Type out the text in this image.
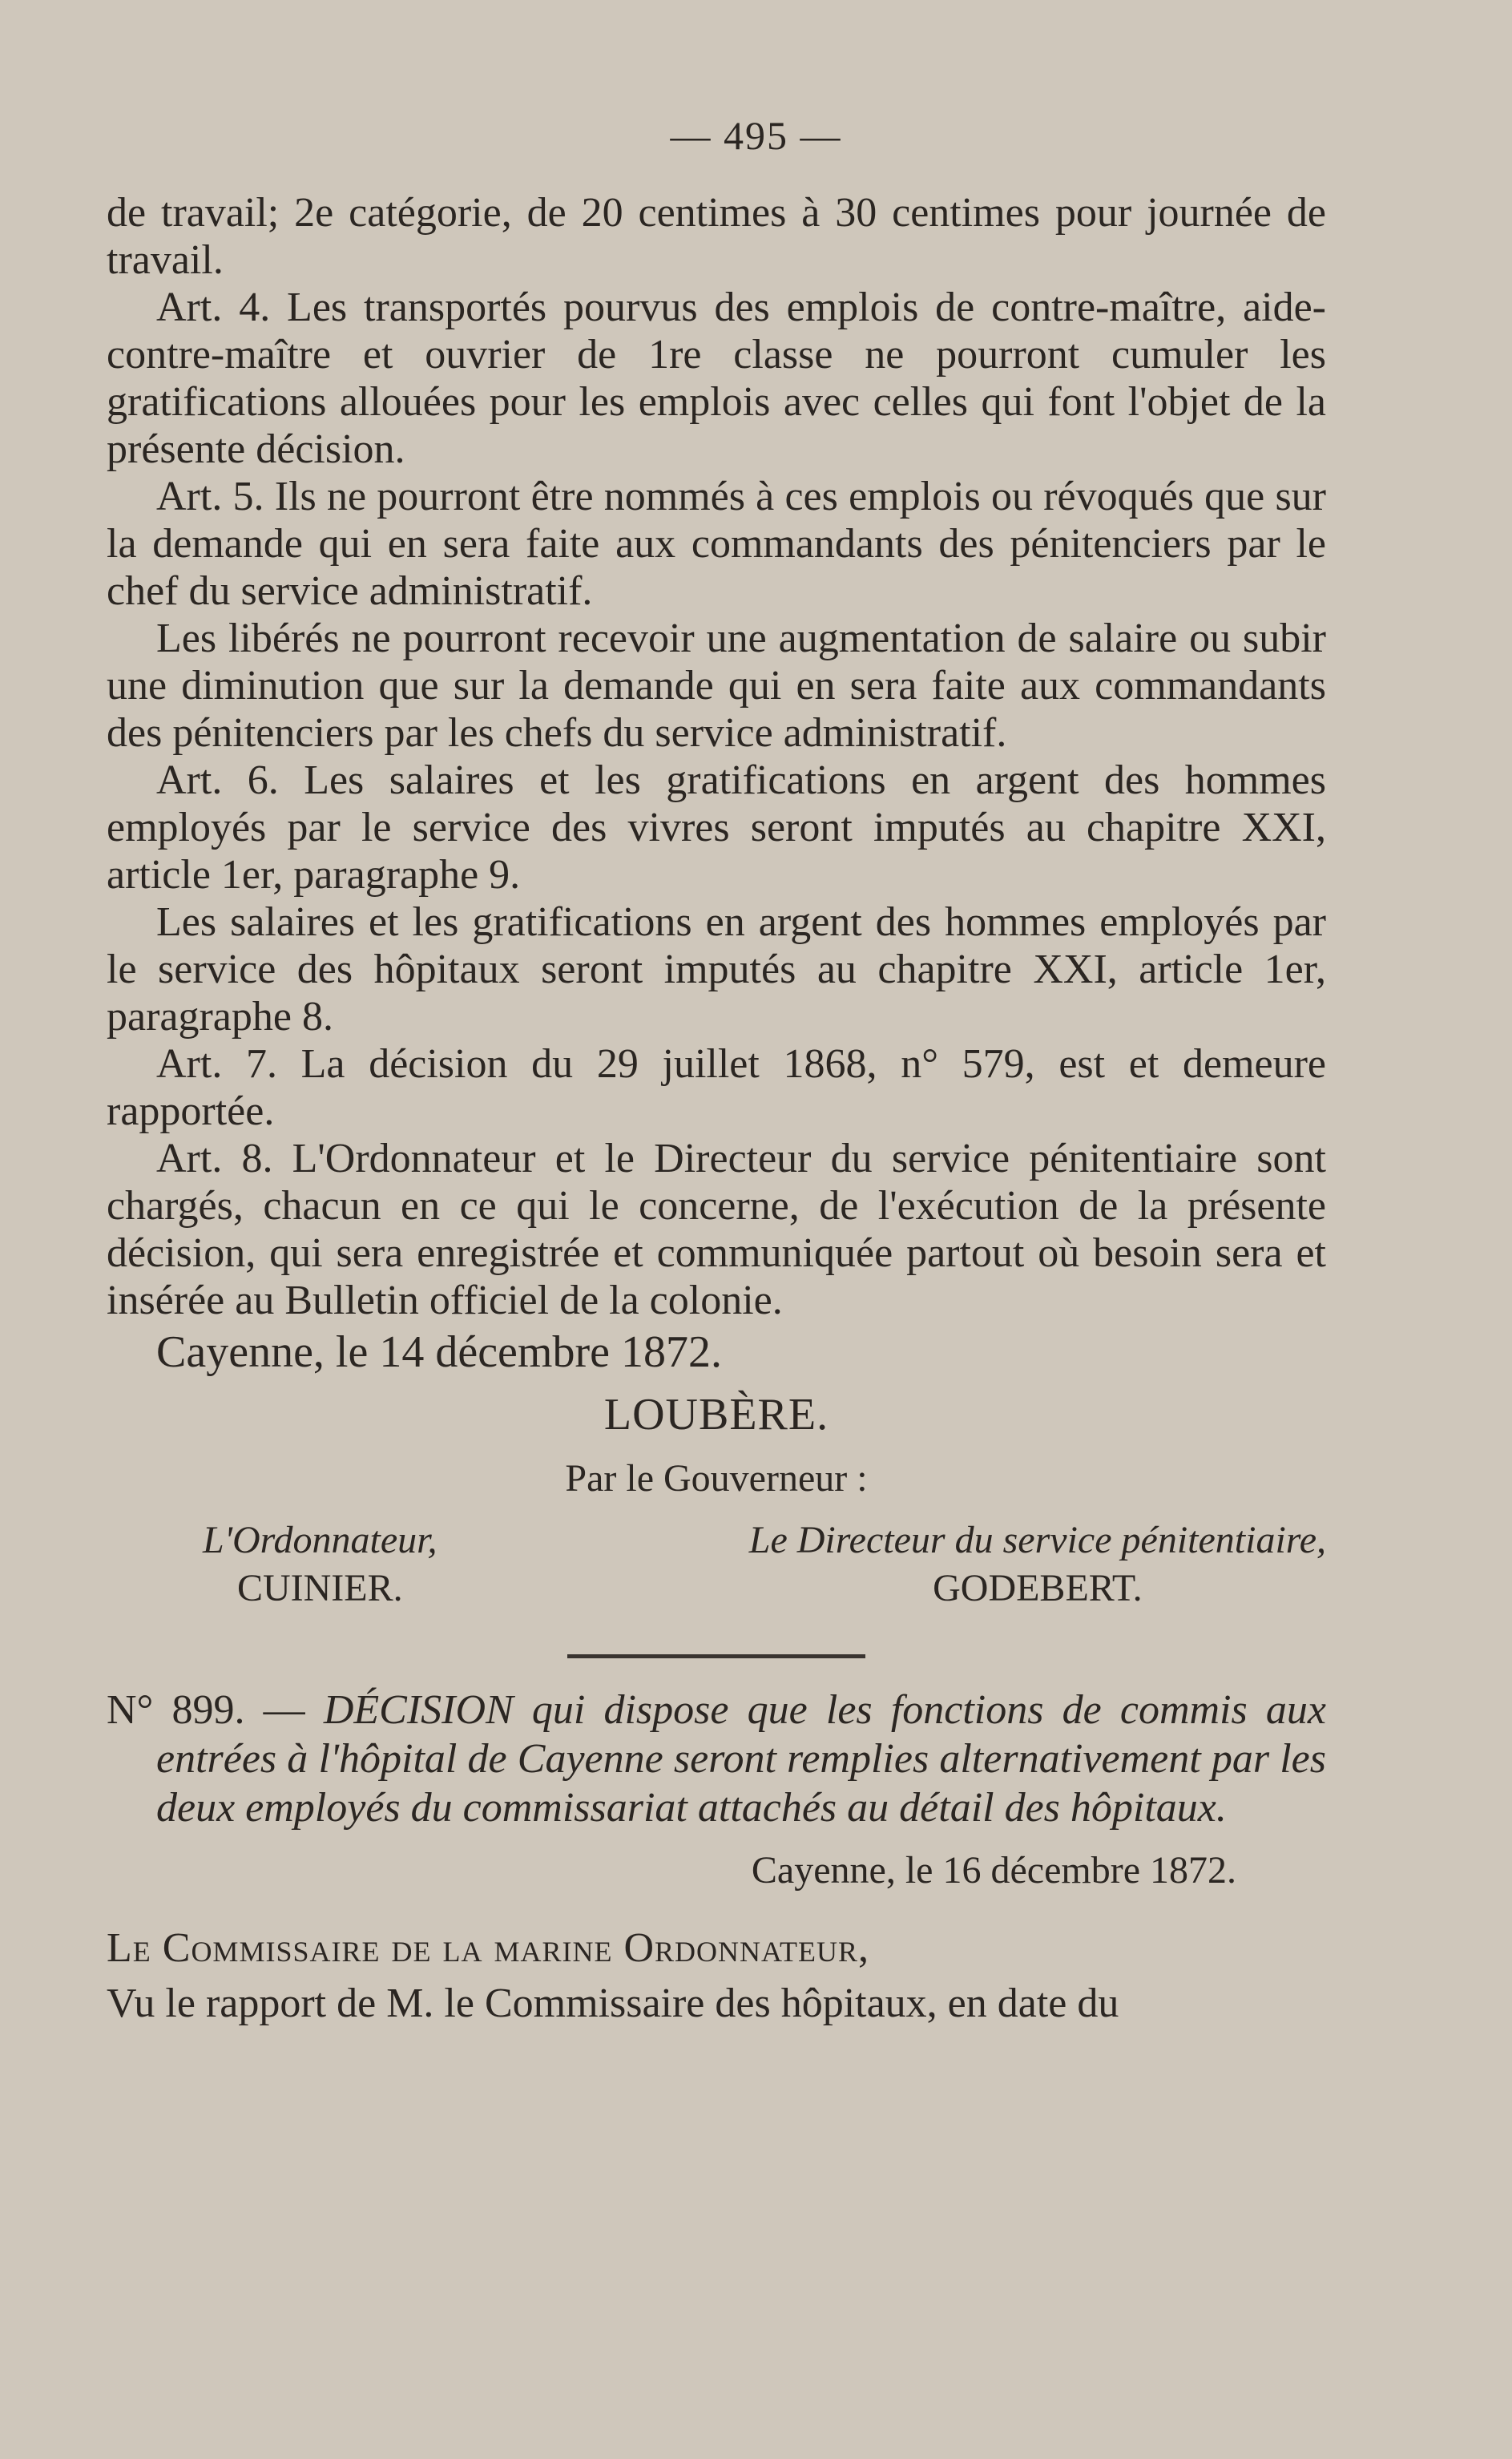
— 495 —

de travail; 2e catégorie, de 20 centimes à 30 centimes pour journée de travail.

Art. 4. Les transportés pourvus des emplois de contre-maître, aide-contre-maître et ouvrier de 1re classe ne pourront cumuler les gratifications allouées pour les emplois avec celles qui font l'objet de la présente décision.

Art. 5. Ils ne pourront être nommés à ces emplois ou révoqués que sur la demande qui en sera faite aux commandants des pénitenciers par le chef du service administratif.

Les libérés ne pourront recevoir une augmentation de salaire ou subir une diminution que sur la demande qui en sera faite aux commandants des pénitenciers par les chefs du service administratif.

Art. 6. Les salaires et les gratifications en argent des hommes employés par le service des vivres seront imputés au chapitre XXI, article 1er, paragraphe 9.

Les salaires et les gratifications en argent des hommes employés par le service des hôpitaux seront imputés au chapitre XXI, article 1er, paragraphe 8.

Art. 7. La décision du 29 juillet 1868, n° 579, est et demeure rapportée.

Art. 8. L'Ordonnateur et le Directeur du service pénitentiaire sont chargés, chacun en ce qui le concerne, de l'exécution de la présente décision, qui sera enregistrée et communiquée partout où besoin sera et insérée au Bulletin officiel de la colonie.

Cayenne, le 14 décembre 1872.

LOUBÈRE.

Par le Gouverneur :

L'Ordonnateur,
CUINIER.
Le Directeur du service pénitentiaire,
GODEBERT.

N° 899. — DÉCISION qui dispose que les fonctions de commis aux entrées à l'hôpital de Cayenne seront remplies alternativement par les deux employés du commissariat attachés au détail des hôpitaux.

Cayenne, le 16 décembre 1872.

Le Commissaire de la marine Ordonnateur,

Vu le rapport de M. le Commissaire des hôpitaux, en date du
